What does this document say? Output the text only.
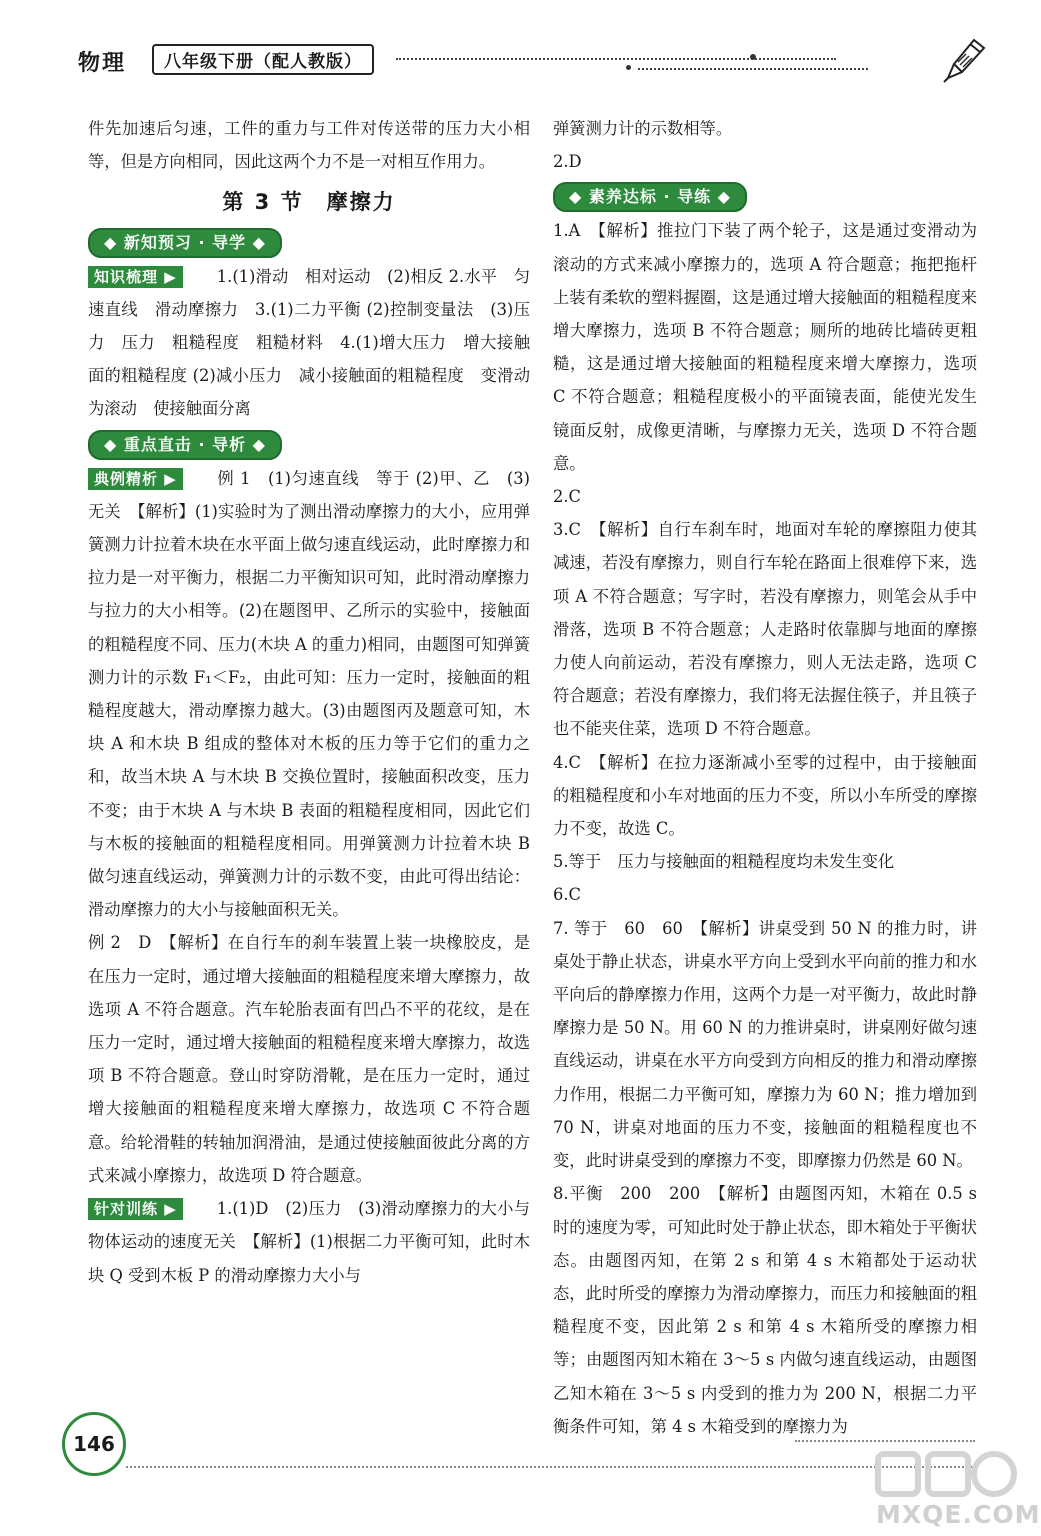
物理	八年级下册（配人教版）

件先加速后匀速，工件的重力与工件对传送带的压力大小相等，但是方向相同，因此这两个力不是一对相互作用力。

第 3 节　摩擦力
◆ 新知预习 · 导学 ◆

知识梳理 ▶ 1.(1)滑动　相对运动　(2)相反 2.水平　匀速直线　滑动摩擦力　3.(1)二力平衡 (2)控制变量法　(3)压力　压力　粗糙程度　粗糙材料　4.(1)增大压力　增大接触面的粗糙程度 (2)减小压力　减小接触面的粗糙程度　变滑动为滚动　使接触面分离

◆ 重点直击 · 导析 ◆

典例精析 ▶ 例 1　(1)匀速直线　等于 (2)甲、乙　(3)无关　【解析】(1)实验时为了测出滑动摩擦力的大小，应用弹簧测力计拉着木块在水平面上做匀速直线运动，此时摩擦力和拉力是一对平衡力，根据二力平衡知识可知，此时滑动摩擦力与拉力的大小相等。(2)在题图甲、乙所示的实验中，接触面的粗糙程度不同、压力(木块 A 的重力)相同，由题图可知弹簧测力计的示数 F₁＜F₂，由此可知：压力一定时，接触面的粗糙程度越大，滑动摩擦力越大。(3)由题图丙及题意可知，木块 A 和木块 B 组成的整体对木板的压力等于它们的重力之和，故当木块 A 与木块 B 交换位置时，接触面积改变，压力不变；由于木块 A 与木块 B 表面的粗糙程度相同，因此它们与木板的接触面的粗糙程度相同。用弹簧测力计拉着木块 B 做匀速直线运动，弹簧测力计的示数不变，由此可得出结论：滑动摩擦力的大小与接触面积无关。

例 2　D　【解析】在自行车的刹车装置上装一块橡胶皮，是在压力一定时，通过增大接触面的粗糙程度来增大摩擦力，故选项 A 不符合题意。汽车轮胎表面有凹凸不平的花纹，是在压力一定时，通过增大接触面的粗糙程度来增大摩擦力，故选项 B 不符合题意。登山时穿防滑靴，是在压力一定时，通过增大接触面的粗糙程度来增大摩擦力，故选项 C 不符合题意。给轮滑鞋的转轴加润滑油，是通过使接触面彼此分离的方式来减小摩擦力，故选项 D 符合题意。

针对训练 ▶ 1.(1)D　(2)压力　(3)滑动摩擦力的大小与物体运动的速度无关　【解析】(1)根据二力平衡可知，此时木块 Q 受到木板 P 的滑动摩擦力大小与

弹簧测力计的示数相等。

2.D

◆ 素养达标 · 导练 ◆

1.A　【解析】推拉门下装了两个轮子，这是通过变滑动为滚动的方式来减小摩擦力的，选项 A 符合题意；拖把拖杆上装有柔软的塑料握圈，这是通过增大接触面的粗糙程度来增大摩擦力，选项 B 不符合题意；厕所的地砖比墙砖更粗糙，这是通过增大接触面的粗糙程度来增大摩擦力，选项 C 不符合题意；粗糙程度极小的平面镜表面，能使光发生镜面反射，成像更清晰，与摩擦力无关，选项 D 不符合题意。

2.C

3.C　【解析】自行车刹车时，地面对车轮的摩擦阻力使其减速，若没有摩擦力，则自行车轮在路面上很难停下来，选项 A 不符合题意；写字时，若没有摩擦力，则笔会从手中滑落，选项 B 不符合题意；人走路时依靠脚与地面的摩擦力使人向前运动，若没有摩擦力，则人无法走路，选项 C 符合题意；若没有摩擦力，我们将无法握住筷子，并且筷子也不能夹住菜，选项 D 不符合题意。

4.C　【解析】在拉力逐渐减小至零的过程中，由于接触面的粗糙程度和小车对地面的压力不变，所以小车所受的摩擦力不变，故选 C。

5.等于　压力与接触面的粗糙程度均未发生变化

6.C

7. 等于　60　60　【解析】讲桌受到 50 N 的推力时，讲桌处于静止状态，讲桌水平方向上受到水平向前的推力和水平向后的静摩擦力作用，这两个力是一对平衡力，故此时静摩擦力是 50 N。用 60 N 的力推讲桌时，讲桌刚好做匀速直线运动，讲桌在水平方向受到方向相反的推力和滑动摩擦力作用，根据二力平衡可知，摩擦力为 60 N；推力增加到 70 N，讲桌对地面的压力不变，接触面的粗糙程度也不变，此时讲桌受到的摩擦力不变，即摩擦力仍然是 60 N。

8.平衡　200　200　【解析】由题图丙知，木箱在 0.5 s 时的速度为零，可知此时处于静止状态，即木箱处于平衡状态。由题图丙知，在第 2 s 和第 4 s 木箱都处于运动状态，此时所受的摩擦力为滑动摩擦力，而压力和接触面的粗糙程度不变，因此第 2 s 和第 4 s 木箱所受的摩擦力相等；由题图丙知木箱在 3～5 s 内做匀速直线运动，由题图乙知木箱在 3～5 s 内受到的推力为 200 N，根据二力平衡条件可知，第 4 s 木箱受到的摩擦力为

146
MXQE.COM
